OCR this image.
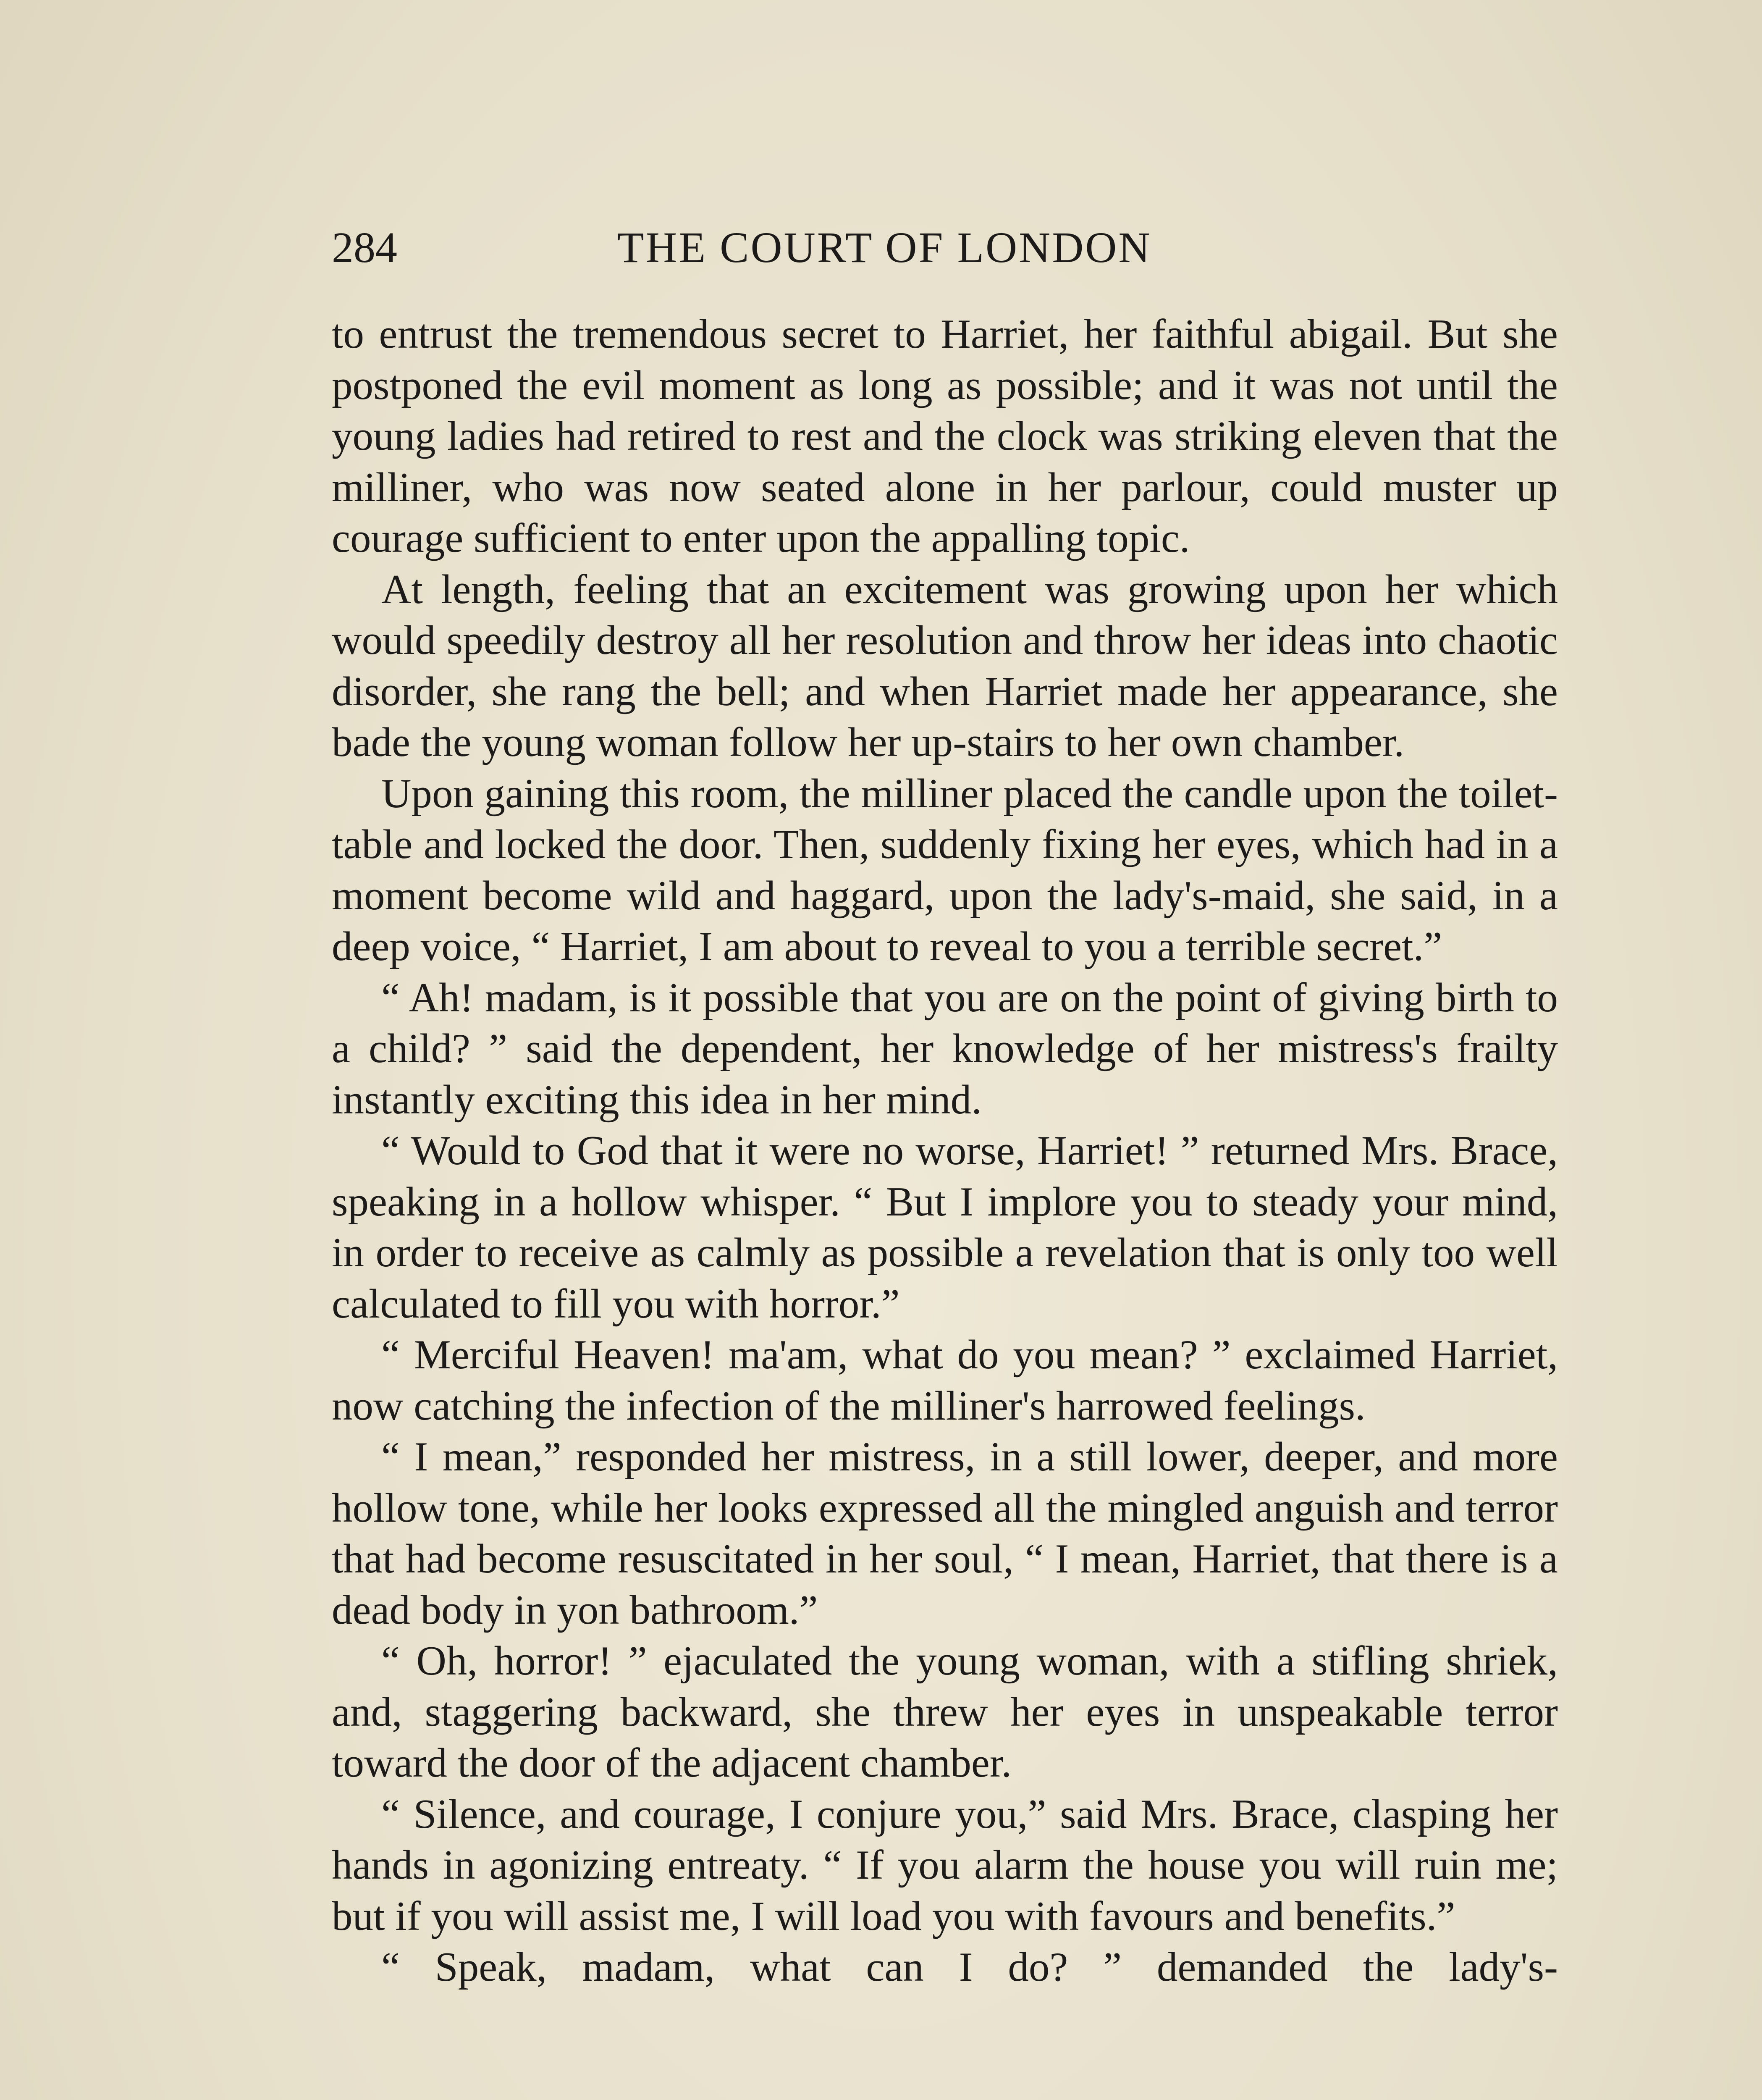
284	THE COURT OF LONDON

to entrust the tremendous secret to Harriet, her faithful abigail. But she postponed the evil moment as long as possible; and it was not until the young ladies had retired to rest and the clock was striking eleven that the milliner, who was now seated alone in her parlour, could muster up courage sufficient to enter upon the appalling topic.

At length, feeling that an excitement was growing upon her which would speedily destroy all her resolution and throw her ideas into chaotic disorder, she rang the bell; and when Harriet made her appearance, she bade the young woman follow her up-stairs to her own chamber.

Upon gaining this room, the milliner placed the candle upon the toilet-table and locked the door. Then, suddenly fixing her eyes, which had in a moment become wild and haggard, upon the lady's-maid, she said, in a deep voice, “ Harriet, I am about to reveal to you a terrible secret.”

“ Ah! madam, is it possible that you are on the point of giving birth to a child? ” said the dependent, her knowledge of her mistress's frailty instantly exciting this idea in her mind.

“ Would to God that it were no worse, Harriet! ” returned Mrs. Brace, speaking in a hollow whisper. “ But I implore you to steady your mind, in order to receive as calmly as possible a revelation that is only too well calculated to fill you with horror.”

“ Merciful Heaven! ma'am, what do you mean? ” exclaimed Harriet, now catching the infection of the milliner's harrowed feelings.

“ I mean,” responded her mistress, in a still lower, deeper, and more hollow tone, while her looks expressed all the mingled anguish and terror that had become resuscitated in her soul, “ I mean, Harriet, that there is a dead body in yon bathroom.”

“ Oh, horror! ” ejaculated the young woman, with a stifling shriek, and, staggering backward, she threw her eyes in unspeakable terror toward the door of the adjacent chamber.

“ Silence, and courage, I conjure you,” said Mrs. Brace, clasping her hands in agonizing entreaty. “ If you alarm the house you will ruin me; but if you will assist me, I will load you with favours and benefits.”

“ Speak, madam, what can I do? ” demanded the lady's-
